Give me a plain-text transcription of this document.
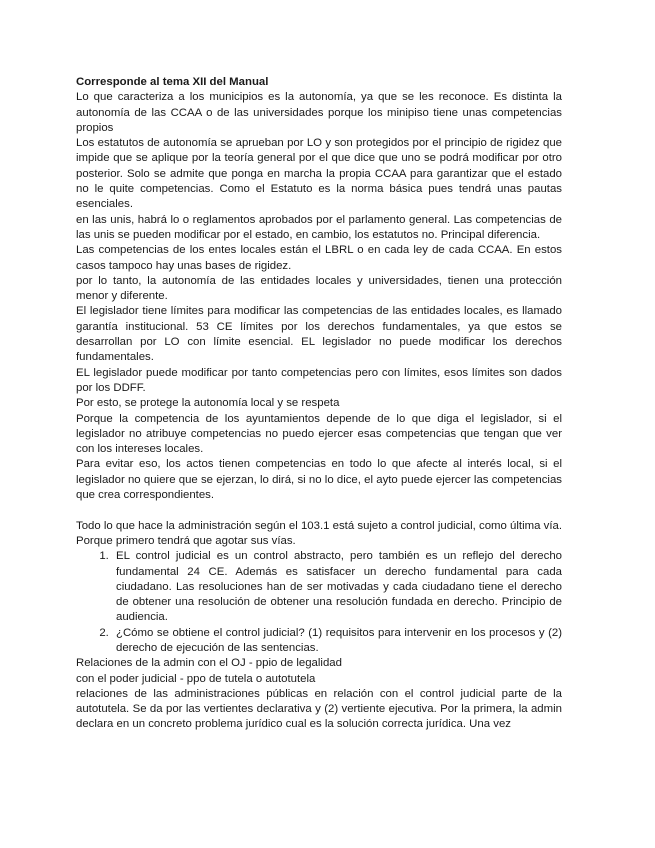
Corresponde al tema XII del Manual

Lo que caracteriza a los municipios es la autonomía, ya que se les reconoce. Es distinta la autonomía de las CCAA o de las universidades porque los minipiso tiene unas competencias propios

Los estatutos de autonomía se aprueban por LO y son protegidos por el principio de rigidez que impide que se aplique por la teoría general por el que dice que uno se podrá modificar por otro posterior. Solo se admite que ponga en marcha la propia CCAA para garantizar que el estado no le quite competencias. Como el Estatuto es la norma básica pues tendrá unas pautas esenciales.

en las unis, habrá lo o reglamentos aprobados por el parlamento general. Las competencias de las unis se pueden modificar por el estado, en cambio, los estatutos no. Principal diferencia.

Las competencias de los entes locales están el LBRL o en cada ley de cada CCAA. En estos casos tampoco hay unas bases de rigidez.

por lo tanto, la autonomía de las entidades locales y universidades, tienen una protección menor y diferente.

El legislador tiene límites para modificar las competencias de las entidades locales, es llamado garantía institucional. 53 CE límites por los derechos fundamentales, ya que estos se desarrollan por LO con límite esencial. EL legislador no puede modificar los derechos fundamentales.

EL legislador puede modificar por tanto competencias pero con límites, esos límites son dados por los DDFF.

Por esto, se protege la autonomía local y se respeta

Porque la competencia de los ayuntamientos depende de lo que diga el legislador, si el legislador no atribuye competencias no puedo ejercer esas competencias que tengan que ver con los intereses locales.

Para evitar eso, los actos tienen competencias en todo lo que afecte al interés local, si el legislador no quiere que se ejerzan, lo dirá, si no lo dice, el ayto puede ejercer las competencias que crea correspondientes.

Todo lo que hace la administración según el 103.1 está sujeto a control judicial, como última vía. Porque primero tendrá que agotar sus vías.

1. EL control judicial es un control abstracto, pero también es un reflejo del derecho fundamental 24 CE. Además es satisfacer un derecho fundamental para cada ciudadano. Las resoluciones han de ser motivadas y cada ciudadano tiene el derecho de obtener una resolución de obtener una resolución fundada en derecho. Principio de audiencia.
2. ¿Cómo se obtiene el control judicial? (1) requisitos para intervenir en los procesos y (2) derecho de ejecución de las sentencias.

Relaciones de la admin con el OJ - ppio de legalidad

con el poder judicial - ppo de tutela o autotutela

relaciones de las administraciones públicas en relación con el control judicial parte de la autotutela. Se da por las vertientes declarativa y (2) vertiente ejecutiva. Por la primera, la admin declara en un concreto problema jurídico cual es la solución correcta jurídica. Una vez
